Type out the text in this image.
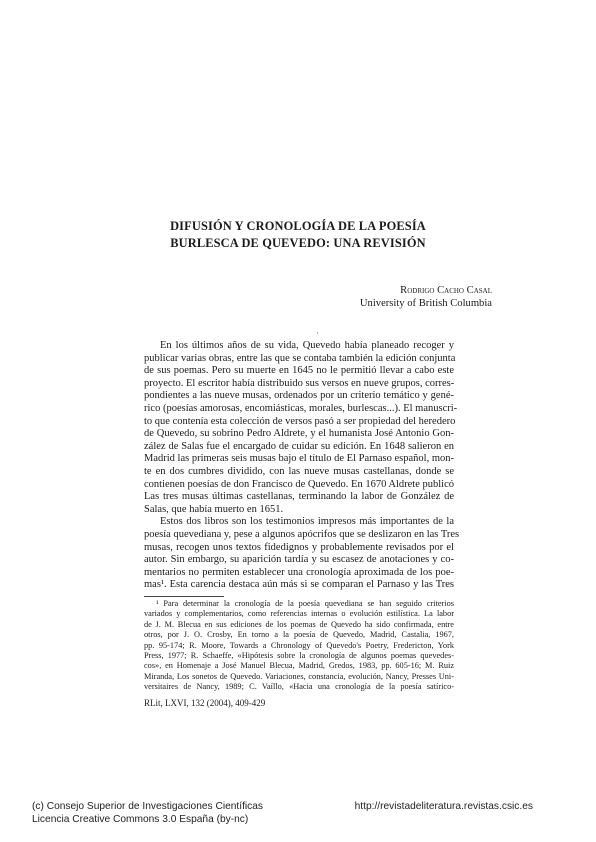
DIFUSIÓN Y CRONOLOGÍA DE LA POESÍA
BURLESCA DE QUEVEDO: UNA REVISIÓN
Rodrigo Cacho Casal
University of British Columbia
·
En los últimos años de su vida, Quevedo había planeado recoger y
publicar varias obras, entre las que se contaba también la edición conjunta
de sus poemas. Pero su muerte en 1645 no le permitió llevar a cabo este
proyecto. El escritor había distribuido sus versos en nueve grupos, corres-
pondientes a las nueve musas, ordenados por un criterio temático y gené-
rico (poesías amorosas, encomiásticas, morales, burlescas...). El manuscri-
to que contenía esta colección de versos pasó a ser propiedad del heredero
de Quevedo, su sobrino Pedro Aldrete, y el humanista José Antonio Gon-
zález de Salas fue el encargado de cuidar su edición. En 1648 salieron en
Madrid las primeras seis musas bajo el título de El Parnaso español, mon-
te en dos cumbres dividido, con las nueve musas castellanas, donde se
contienen poesías de don Francisco de Quevedo. En 1670 Aldrete publicó
Las tres musas últimas castellanas, terminando la labor de González de
Salas, que había muerto en 1651.
Estos dos libros son los testimonios impresos más importantes de la
poesía quevediana y, pese a algunos apócrifos que se deslizaron en las Tres
musas, recogen unos textos fidedignos y probablemente revisados por el
autor. Sin embargo, su aparición tardía y su escasez de anotaciones y co-
mentarios no permiten establecer una cronología aproximada de los poe-
mas¹. Esta carencia destaca aún más si se comparan el Parnaso y las Tres
¹ Para determinar la cronología de la poesía quevediana se han seguido criterios
variados y complementarios, como referencias internas o evolución estilística. La labor
de J. M. Blecua en sus ediciones de los poemas de Quevedo ha sido confirmada, entre
otros, por J. O. Crosby, En torno a la poesía de Quevedo, Madrid, Castalia, 1967,
pp. 95-174; R. Moore, Towards a Chronology of Quevedo's Poetry, Fredericton, York
Press, 1977; R. Schaeffe, «Hipótesis sobre la cronología de algunos poemas quevedes-
cos», en Homenaje a José Manuel Blecua, Madrid, Gredos, 1983, pp. 605-16; M. Ruiz
Miranda, Los sonetos de Quevedo. Variaciones, constancia, evolución, Nancy, Presses Uni-
versitaires de Nancy, 1989; C. Vaíllo, «Hacia una cronología de la poesía satírico-
RLit, LXVI, 132 (2004), 409-429
(c) Consejo Superior de Investigaciones Científicas
Licencia Creative Commons 3.0 España (by-nc)
http://revistadeliteratura.revistas.csic.es
